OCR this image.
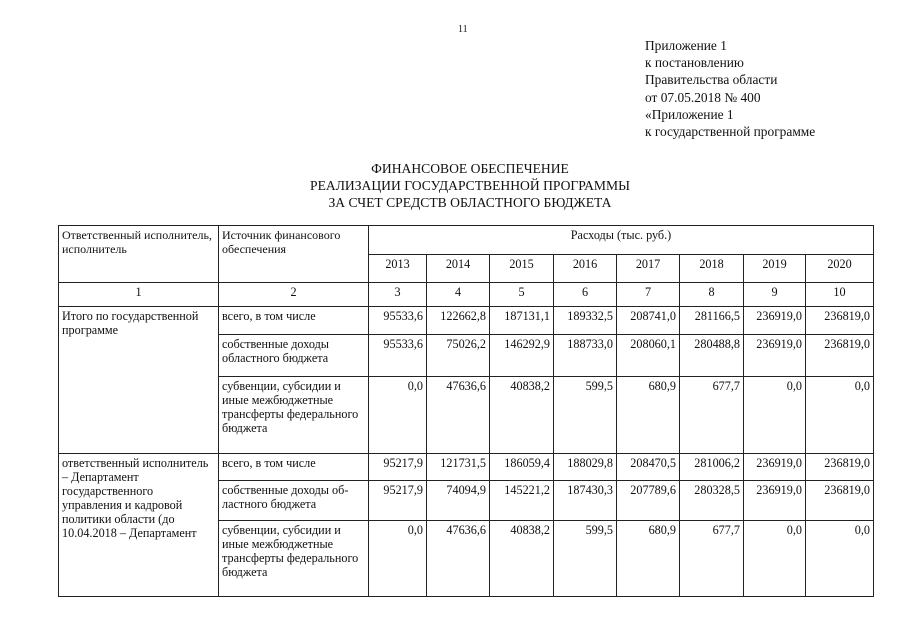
11
Приложение 1
к постановлению
Правительства области
от 07.05.2018 № 400
«Приложение 1
к государственной программе
ФИНАНСОВОЕ ОБЕСПЕЧЕНИЕ
РЕАЛИЗАЦИИ ГОСУДАРСТВЕННОЙ ПРОГРАММЫ
ЗА СЧЕТ СРЕДСТВ ОБЛАСТНОГО БЮДЖЕТА
Ответственный исполнитель, исполнитель	Источник финансового обеспечения	Расходы (тыс. руб.)							
		2013	2014	2015	2016	2017	2018	2019	2020
1	2	3	4	5	6	7	8	9	10
Итого по государственной программе	всего, в том числе	95533,6	122662,8	187131,1	189332,5	208741,0	281166,5	236919,0	236819,0
	собственные доходы областного бюджета	95533,6	75026,2	146292,9	188733,0	208060,1	280488,8	236919,0	236819,0
	субвенции, субсидии и иные межбюджетные трансферты федерального бюджета	0,0	47636,6	40838,2	599,5	680,9	677,7	0,0	0,0
ответственный исполнитель – Департамент государственного управления и кадровой политики области (до 10.04.2018 – Департамент	всего, в том числе	95217,9	121731,5	186059,4	188029,8	208470,5	281006,2	236919,0	236819,0
	собственные доходы об- ластного бюджета	95217,9	74094,9	145221,2	187430,3	207789,6	280328,5	236919,0	236819,0
	субвенции, субсидии и иные межбюджетные трансферты федерального бюджета	0,0	47636,6	40838,2	599,5	680,9	677,7	0,0	0,0
